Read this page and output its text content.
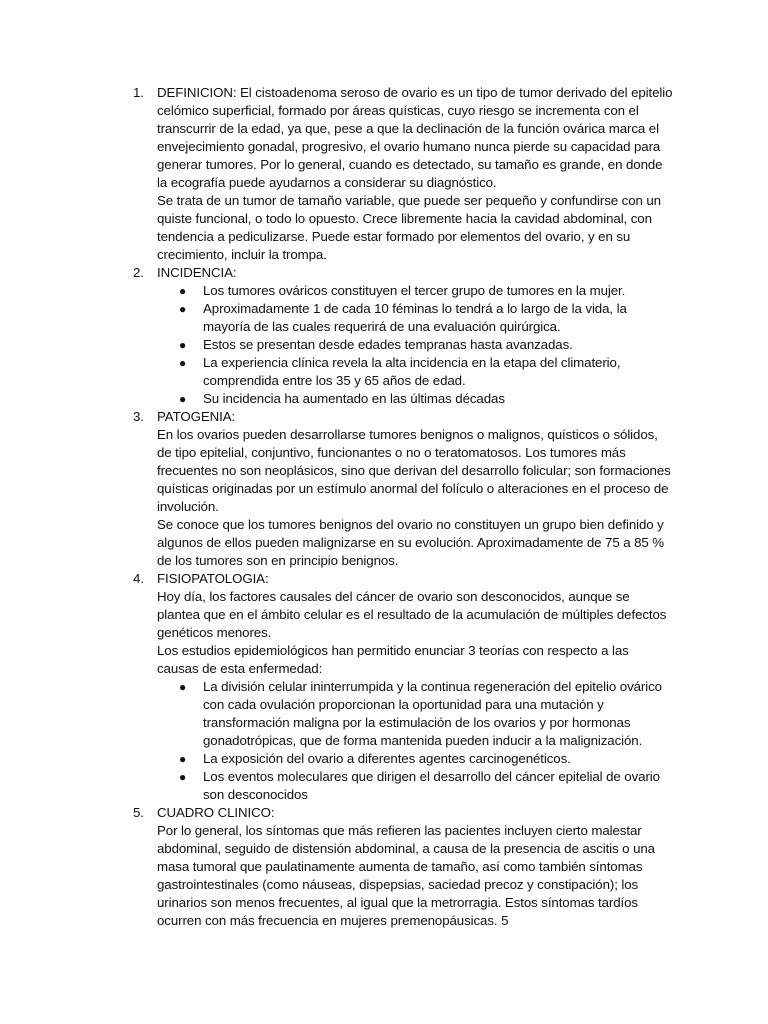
1. DEFINICION: El cistoadenoma seroso de ovario es un tipo de tumor derivado del epitelio celómico superficial, formado por áreas quísticas, cuyo riesgo se incrementa con el transcurrir de la edad, ya que, pese a que la declinación de la función ovárica marca el envejecimiento gonadal, progresivo, el ovario humano nunca pierde su capacidad para generar tumores. Por lo general, cuando es detectado, su tamaño es grande, en donde la ecografía puede ayudarnos a considerar su diagnóstico.

Se trata de un tumor de tamaño variable, que puede ser pequeño y confundirse con un quiste funcional, o todo lo opuesto. Crece libremente hacia la cavidad abdominal, con tendencia a pediculizarse. Puede estar formado por elementos del ovario, y en su crecimiento, incluir la trompa.

2. INCIDENCIA:

● Los tumores ováricos constituyen el tercer grupo de tumores en la mujer.
● Aproximadamente 1 de cada 10 féminas lo tendrá a lo largo de la vida, la mayoría de las cuales requerirá de una evaluación quirúrgica.
● Estos se presentan desde edades tempranas hasta avanzadas.
● La experiencia clínica revela la alta incidencia en la etapa del climaterio, comprendida entre los 35 y 65 años de edad.
● Su incidencia ha aumentado en las últimas décadas
3. PATOGENIA:

En los ovarios pueden desarrollarse tumores benignos o malignos, quísticos o sólidos, de tipo epitelial, conjuntivo, funcionantes o no o teratomatosos. Los tumores más frecuentes no son neoplásicos, sino que derivan del desarrollo folicular; son formaciones quísticas originadas por un estímulo anormal del folículo o alteraciones en el proceso de involución.

Se conoce que los tumores benignos del ovario no constituyen un grupo bien definido y algunos de ellos pueden malignizarse en su evolución. Aproximadamente de 75 a 85 % de los tumores son en principio benignos.

4. FISIOPATOLOGIA:

Hoy día, los factores causales del cáncer de ovario son desconocidos, aunque se plantea que en el ámbito celular es el resultado de la acumulación de múltiples defectos genéticos menores.

Los estudios epidemiológicos han permitido enunciar 3 teorías con respecto a las causas de esta enfermedad:

● La división celular ininterrumpida y la continua regeneración del epitelio ovárico con cada ovulación proporcionan la oportunidad para una mutación y transformación maligna por la estimulación de los ovarios y por hormonas gonadotrópicas, que de forma mantenida pueden inducir a la malignización.
● La exposición del ovario a diferentes agentes carcinogenéticos.
● Los eventos moleculares que dirigen el desarrollo del cáncer epitelial de ovario son desconocidos
5. CUADRO CLINICO:

Por lo general, los síntomas que más refieren las pacientes incluyen cierto malestar abdominal, seguido de distensión abdominal, a causa de la presencia de ascitis o una masa tumoral que paulatinamente aumenta de tamaño, así como también síntomas gastrointestinales (como náuseas, dispepsias, saciedad precoz y constipación); los urinarios son menos frecuentes, al igual que la metrorragia. Estos síntomas tardíos ocurren con más frecuencia en mujeres premenopáusicas. 5
